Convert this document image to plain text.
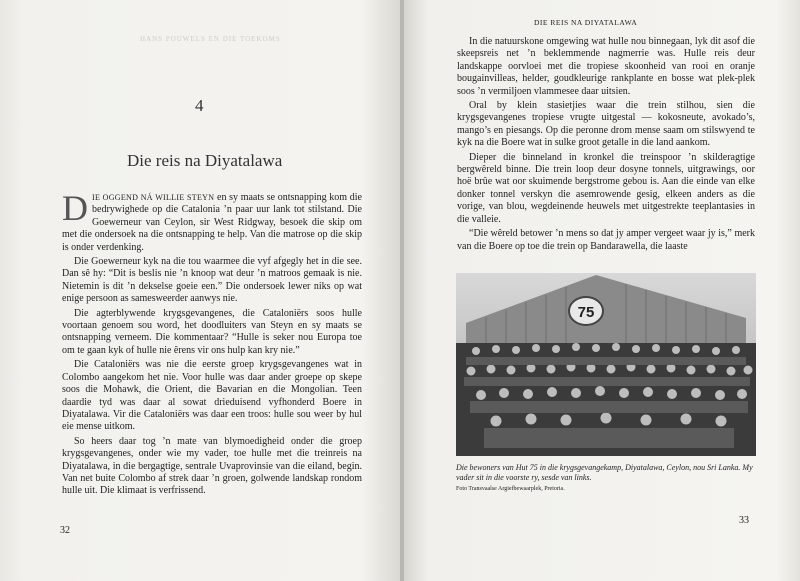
HANS POUWELS EN DIE TOEKOMS
4
Die reis na Diyatalawa

DIE OGGEND NÁ WILLIE STEYN en sy maats se ontsnapping kom die bedrywighede op die Catalonia ’n paar uur lank tot stilstand. Die Goewerneur van Ceylon, sir West Ridgway, besoek die skip om met die ondersoek na die ontsnapping te help. Van die matrose op die skip is onder verdenking.

Die Goewerneur kyk na die tou waarmee die vyf afgegly het in die see. Dan sê hy: “Dit is beslis nie ’n knoop wat deur ’n matroos gemaak is nie. Nietemin is dit ’n dekselse goeie een.” Die ondersoek lewer niks op wat enige persoon as samesweerder aanwys nie.

Die agterblywende krygsgevangenes, die Cataloniërs soos hulle voortaan genoem sou word, het doodluiters van Steyn en sy maats se ontsnapping verneem. Die kommentaar? “Hulle is seker nou Europa toe om te gaan kyk of hulle nie êrens vir ons hulp kan kry nie.”

Die Cataloniërs was nie die eerste groep krygsgevangenes wat in Colombo aangekom het nie. Voor hulle was daar ander groepe op skepe soos die Mohawk, die Orient, die Bavarian en die Mongolian. Teen daardie tyd was daar al sowat drieduisend vyfhonderd Boere in Diyatalawa. Vir die Cataloniërs was daar een troos: hulle sou weer by hul eie mense uitkom.

So heers daar tog ’n mate van blymoedigheid onder die groep krygsgevangenes, onder wie my vader, toe hulle met die treinreis na Diyatalawa, in die bergagtige, sentrale Uvaprovinsie van die eiland, begin. Van net buite Colombo af strek daar ’n groen, golwende landskap rondom hulle uit. Die klimaat is verfrissend.

32
DIE REIS NA DIYATALAWA

In die natuurskone omgewing wat hulle nou binnegaan, lyk dit asof die skeepsreis net ’n beklemmende nagmerrie was. Hulle reis deur landskappe oorvloei met die tropiese skoonheid van rooi en oranje bougainvilleas, helder, goudkleurige rankplante en bosse wat plek-plek soos ’n vermiljoen vlammesee daar uitsien.

Oral by klein stasietjies waar die trein stilhou, sien die krygsgevangenes tropiese vrugte uitgestal — kokosneute, avokado’s, mango’s en piesangs. Op die peronne drom mense saam om stilswyend te kyk na die Boere wat in sulke groot getalle in die land aankom.

Dieper die binneland in kronkel die treinspoor ’n skilderagtige bergwêreld binne. Die trein loop deur dosyne tonnels, uitgrawings, oor hoë brûe wat oor skuimende bergstrome gebou is. Aan die einde van elke donker tonnel verskyn die asemrowende gesig, elkeen anders as die vorige, van blou, wegdeinende heuwels met uitgestrekte teeplantasies in die valleie.

“Die wêreld betower ’n mens so dat jy amper vergeet waar jy is,” merk van die Boere op toe die trein op Bandarawella, die laaste

75
Die bewoners van Hut 75 in die krygsgevangekamp, Diyatalawa, Ceylon, nou Sri Lanka. My vader sit in die voorste ry, sesde van links.
Foto Transvaalse Argiefbewaarplek, Pretoria.
33
